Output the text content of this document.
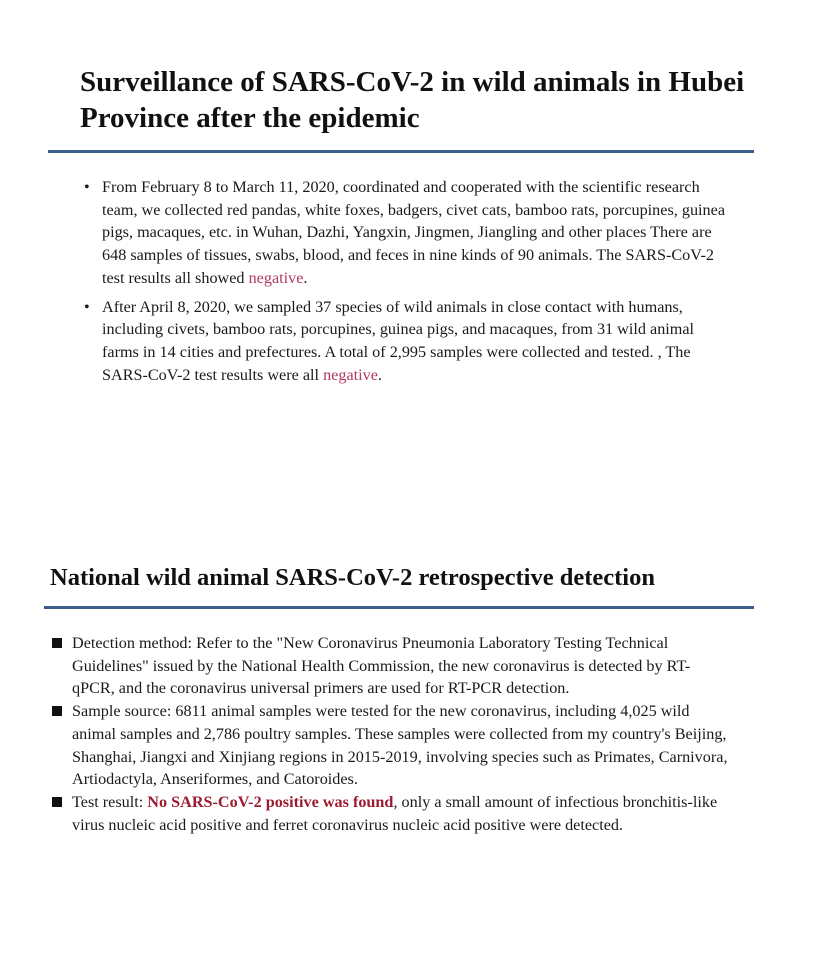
Surveillance of SARS-CoV-2 in wild animals in Hubei Province after the epidemic
• From February 8 to March 11, 2020, coordinated and cooperated with the scientific research team, we collected red pandas, white foxes, badgers, civet cats, bamboo rats, porcupines, guinea pigs, macaques, etc. in Wuhan, Dazhi, Yangxin, Jingmen, Jiangling and other places There are 648 samples of tissues, swabs, blood, and feces in nine kinds of 90 animals. The SARS-CoV-2 test results all showed negative.
• After April 8, 2020, we sampled 37 species of wild animals in close contact with humans, including civets, bamboo rats, porcupines, guinea pigs, and macaques, from 31 wild animal farms in 14 cities and prefectures. A total of 2,995 samples were collected and tested. , The SARS-CoV-2 test results were all negative.
National wild animal SARS-CoV-2 retrospective detection
Detection method: Refer to the "New Coronavirus Pneumonia Laboratory Testing Technical Guidelines" issued by the National Health Commission, the new coronavirus is detected by RT-qPCR, and the coronavirus universal primers are used for RT-PCR detection.
Sample source: 6811 animal samples were tested for the new coronavirus, including 4,025 wild animal samples and 2,786 poultry samples. These samples were collected from my country's Beijing, Shanghai, Jiangxi and Xinjiang regions in 2015-2019, involving species such as Primates, Carnivora, Artiodactyla, Anseriformes, and Catoroides.
Test result: No SARS-CoV-2 positive was found, only a small amount of infectious bronchitis-like virus nucleic acid positive and ferret coronavirus nucleic acid positive were detected.
